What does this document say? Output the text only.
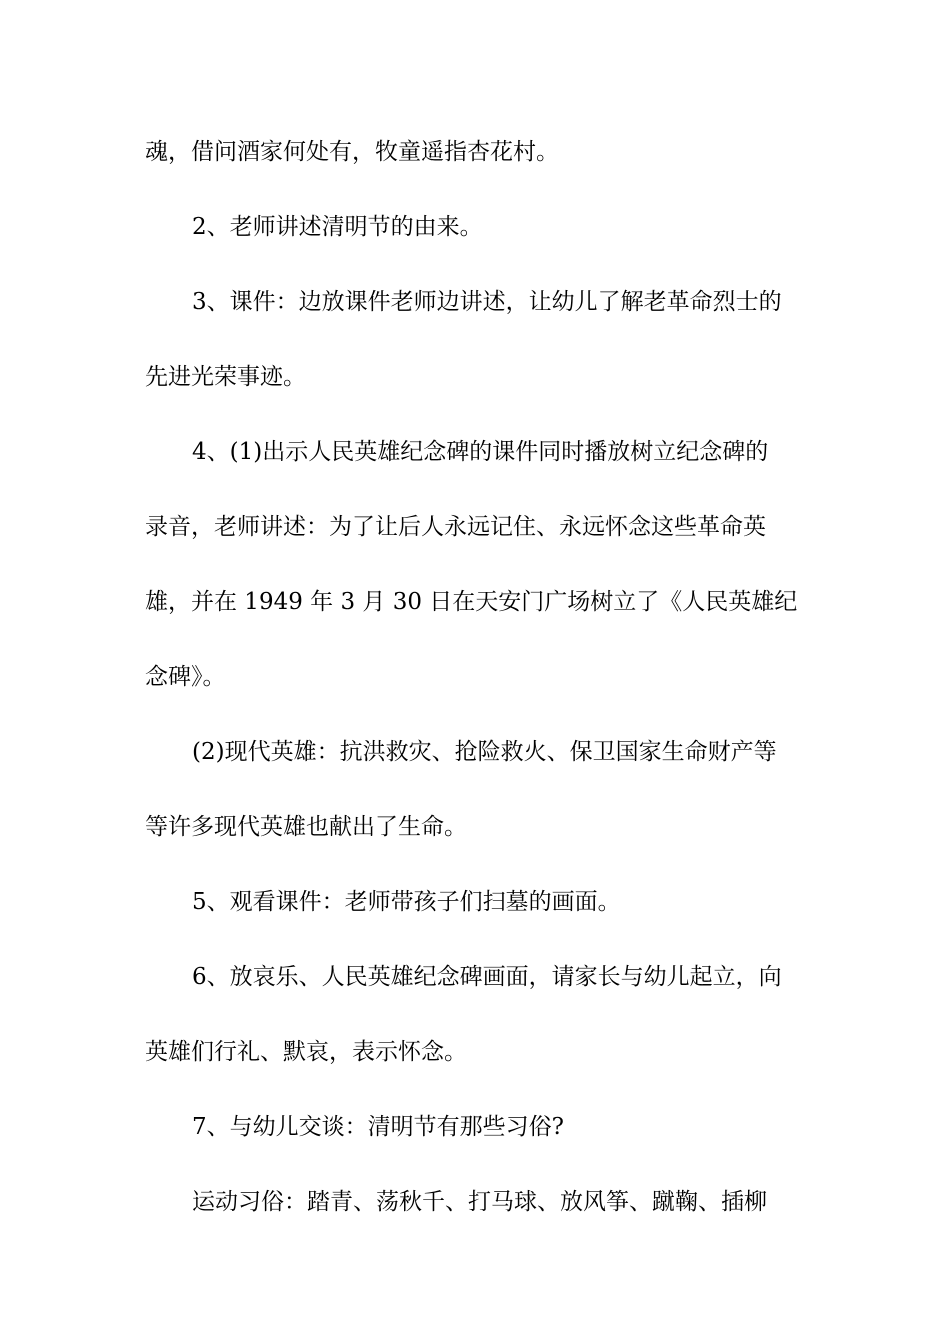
魂，借问酒家何处有，牧童遥指杏花村。
2、老师讲述清明节的由来。
3、课件：边放课件老师边讲述，让幼儿了解老革命烈士的
先进光荣事迹。
4、(1)出示人民英雄纪念碑的课件同时播放树立纪念碑的
录音，老师讲述：为了让后人永远记住、永远怀念这些革命英
雄，并在 1949 年 3 月 30 日在天安门广场树立了《人民英雄纪
念碑》。
(2)现代英雄：抗洪救灾、抢险救火、保卫国家生命财产等
等许多现代英雄也献出了生命。
5、观看课件：老师带孩子们扫墓的画面。
6、放哀乐、人民英雄纪念碑画面，请家长与幼儿起立，向
英雄们行礼、默哀，表示怀念。
7、与幼儿交谈：清明节有那些习俗?
运动习俗：踏青、荡秋千、打马球、放风筝、蹴鞠、插柳
